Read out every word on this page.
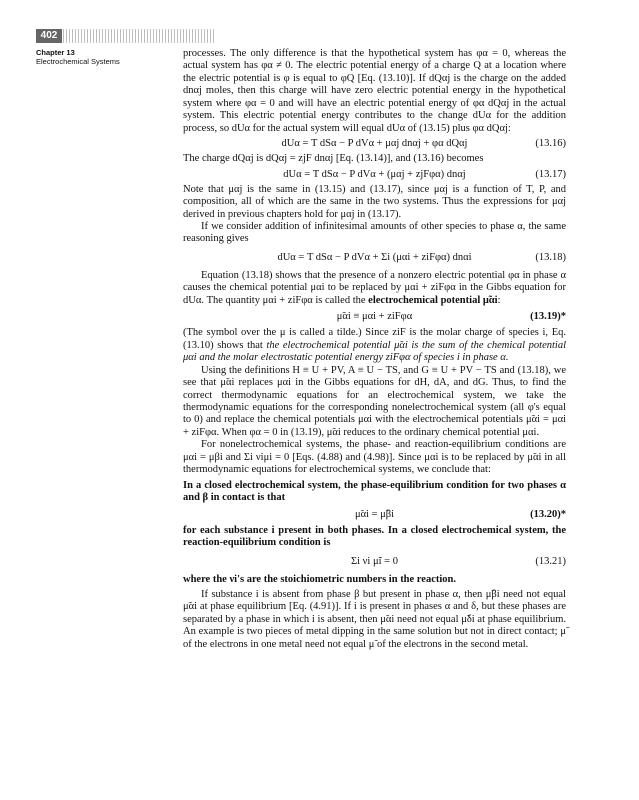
402
Chapter 13
Electrochemical Systems

processes. The only difference is that the hypothetical system has φα = 0, whereas the actual system has φα ≠ 0. The electric potential energy of a charge Q at a location where the electric potential is φ is equal to φQ [Eq. (13.10)]. If dQαj is the charge on the added dnαj moles, then this charge will have zero electric potential energy in the hypothetical system where φα = 0 and will have an electric potential energy of φα dQαj in the actual system. This electric potential energy contributes to the change dUα for the addition process, so dUα for the actual system will equal dUα of (13.15) plus φα dQαj:

dUα = T dSα − P dVα + μαj dnαj + φα dQαj	(13.16)

The charge dQαj is dQαj = zjF dnαj [Eq. (13.14)], and (13.16) becomes

dUα = T dSα − P dVα + (μαj + zjFφα) dnαj	(13.17)

Note that μαj is the same in (13.15) and (13.17), since μαj is a function of T, P, and composition, all of which are the same in the two systems. Thus the expressions for μαj derived in previous chapters hold for μαj in (13.17).

If we consider addition of infinitesimal amounts of other species to phase α, the same reasoning gives

dUα = T dSα − P dVα + Σi (μαi + ziFφα) dnαi	(13.18)

Equation (13.18) shows that the presence of a nonzero electric potential φα in phase α causes the chemical potential μαi to be replaced by μαi + ziFφα in the Gibbs equation for dUα. The quantity μαi + ziFφα is called the electrochemical potential μ̃αi:

μ̃αi ≡ μαi + ziFφα	(13.19)*

(The symbol over the μ is called a tilde.) Since ziF is the molar charge of species i, Eq. (13.10) shows that the electrochemical potential μ̃αi is the sum of the chemical potential μαi and the molar electrostatic potential energy ziFφα of species i in phase α.

Using the definitions H ≡ U + PV, A ≡ U − TS, and G ≡ U + PV − TS and (13.18), we see that μ̃αi replaces μαi in the Gibbs equations for dH, dA, and dG. Thus, to find the correct thermodynamic equations for an electrochemical system, we take the thermodynamic equations for the corresponding nonelectrochemical system (all φ's equal to 0) and replace the chemical potentials μαi with the electrochemical potentials μ̃αi = μαi + ziFφα. When φα = 0 in (13.19), μ̃αi reduces to the ordinary chemical potential μαi.

For nonelectrochemical systems, the phase- and reaction-equilibrium conditions are μαi = μβi and Σi νiμi = 0 [Eqs. (4.88) and (4.98)]. Since μαi is to be replaced by μ̃αi in all thermodynamic equations for electrochemical systems, we conclude that:

In a closed electrochemical system, the phase-equilibrium condition for two phases α and β in contact is that

μ̃αi = μ̃βi	(13.20)*

for each substance i present in both phases. In a closed electrochemical system, the reaction-equilibrium condition is

Σi νi μ̃i = 0	(13.21)

where the νi's are the stoichiometric numbers in the reaction.

If substance i is absent from phase β but present in phase α, then μ̃βi need not equal μ̃αi at phase equilibrium [Eq. (4.91)]. If i is present in phases α and δ, but these phases are separated by a phase in which i is absent, then μ̃αi need not equal μ̃δi at phase equilibrium. An example is two pieces of metal dipping in the same solution but not in direct contact; μ̃ of the electrons in one metal need not equal μ̃ of the electrons in the second metal.
